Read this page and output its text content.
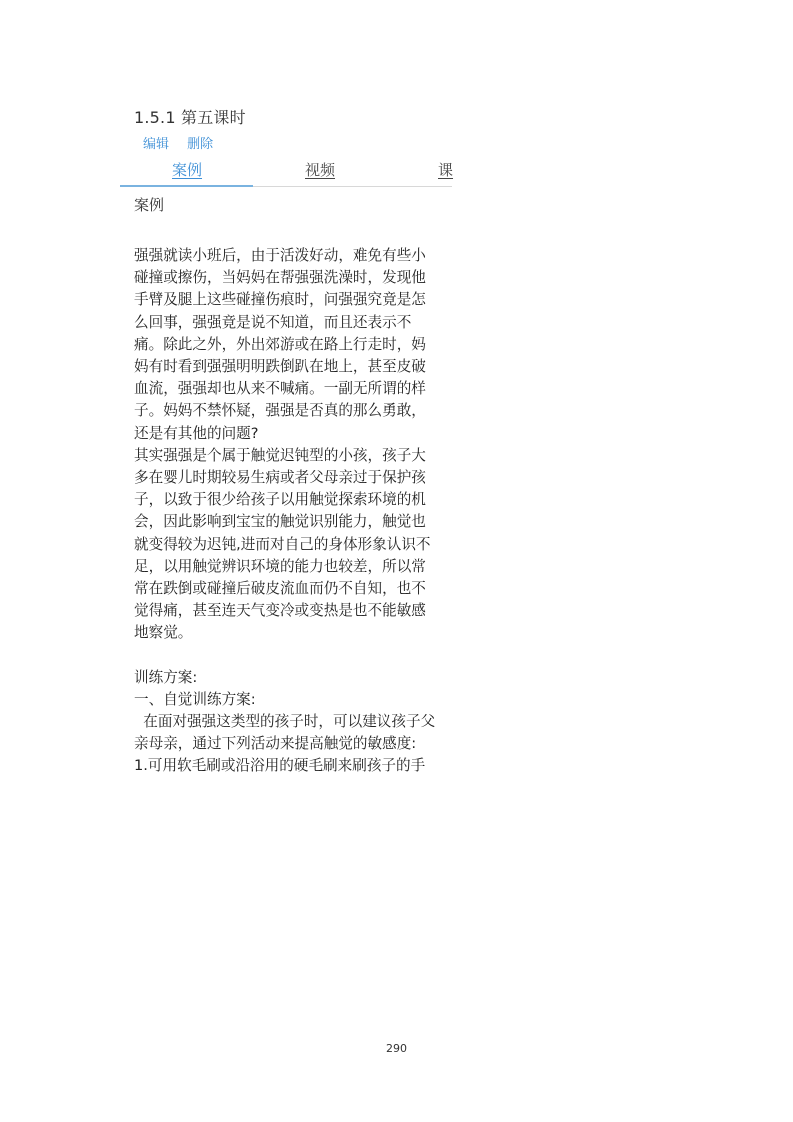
1.5.1 第五课时
编辑 删除
案例	视频	课
案例

强强就读小班后，由于活泼好动，难免有些小碰撞或擦伤，当妈妈在帮强强洗澡时，发现他手臂及腿上这些碰撞伤痕时，问强强究竟是怎么回事，强强竟是说不知道，而且还表示不痛。除此之外，外出郊游或在路上行走时，妈妈有时看到强强明明跌倒趴在地上，甚至皮破血流，强强却也从来不喊痛。一副无所谓的样子。妈妈不禁怀疑，强强是否真的那么勇敢，还是有其他的问题?

其实强强是个属于触觉迟钝型的小孩，孩子大多在婴儿时期较易生病或者父母亲过于保护孩子，以致于很少给孩子以用触觉探索环境的机会，因此影响到宝宝的触觉识别能力，触觉也就变得较为迟钝,进而对自己的身体形象认识不足，以用触觉辨识环境的能力也较差，所以常常在跌倒或碰撞后破皮流血而仍不自知，也不觉得痛，甚至连天气变冷或变热是也不能敏感地察觉。

训练方案:

一、自觉训练方案:

在面对强强这类型的孩子时，可以建议孩子父亲母亲，通过下列活动来提高触觉的敏感度:

1.可用软毛刷或沿浴用的硬毛刷来刷孩子的手

290
